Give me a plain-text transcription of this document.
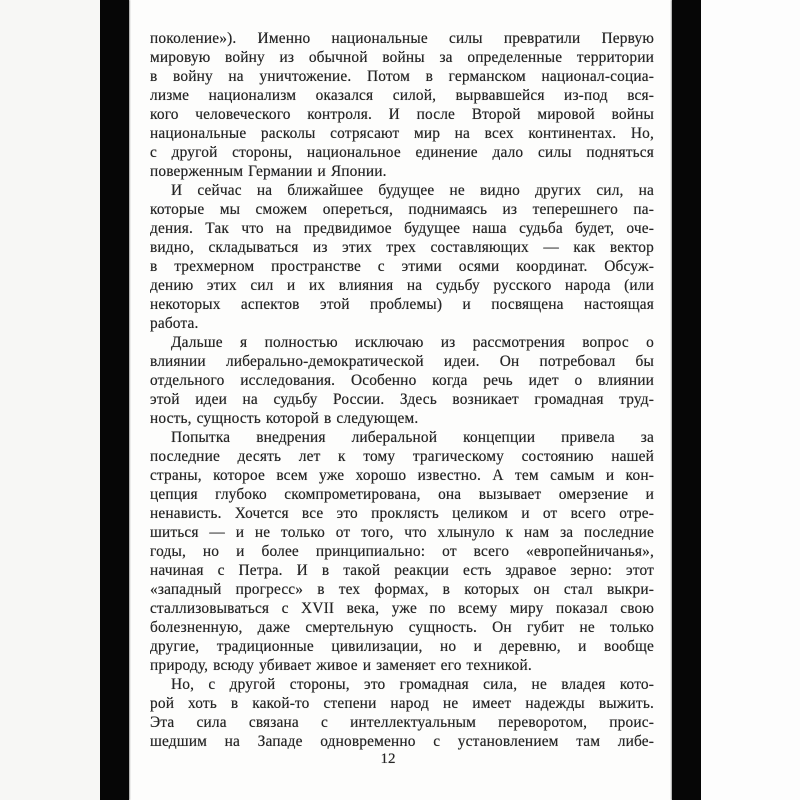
поколение»). Именно национальные силы превратили Первую
мировую войну из обычной войны за определенные территории
в войну на уничтожение. Потом в германском национал-социа-
лизме национализм оказался силой, вырвавшейся из-под вся-
кого человеческого контроля. И после Второй мировой войны
национальные расколы сотрясают мир на всех континентах. Но,
с другой стороны, национальное единение дало силы подняться
поверженным Германии и Японии.
И сейчас на ближайшее будущее не видно других сил, на
которые мы сможем опереться, поднимаясь из теперешнего па-
дения. Так что на предвидимое будущее наша судьба будет, оче-
видно, складываться из этих трех составляющих — как вектор
в трехмерном пространстве с этими осями координат. Обсуж-
дению этих сил и их влияния на судьбу русского народа (или
некоторых аспектов этой проблемы) и посвящена настоящая
работа.
Дальше я полностью исключаю из рассмотрения вопрос о
влиянии либерально-демократической идеи. Он потребовал бы
отдельного исследования. Особенно когда речь идет о влиянии
этой идеи на судьбу России. Здесь возникает громадная труд-
ность, сущность которой в следующем.
Попытка внедрения либеральной концепции привела за
последние десять лет к тому трагическому состоянию нашей
страны, которое всем уже хорошо известно. А тем самым и кон-
цепция глубоко скомпрометирована, она вызывает омерзение и
ненависть. Хочется все это проклясть целиком и от всего отре-
шиться — и не только от того, что хлынуло к нам за последние
годы, но и более принципиально: от всего «европейничанья»,
начиная с Петра. И в такой реакции есть здравое зерно: этот
«западный прогресс» в тех формах, в которых он стал выкри-
сталлизовываться с XVII века, уже по всему миру показал свою
болезненную, даже смертельную сущность. Он губит не только
другие, традиционные цивилизации, но и деревню, и вообще
природу, всюду убивает живое и заменяет его техникой.
Но, с другой стороны, это громадная сила, не владея кото-
рой хоть в какой-то степени народ не имеет надежды выжить.
Эта сила связана с интеллектуальным переворотом, проис-
шедшим на Западе одновременно с установлением там либе-
12
